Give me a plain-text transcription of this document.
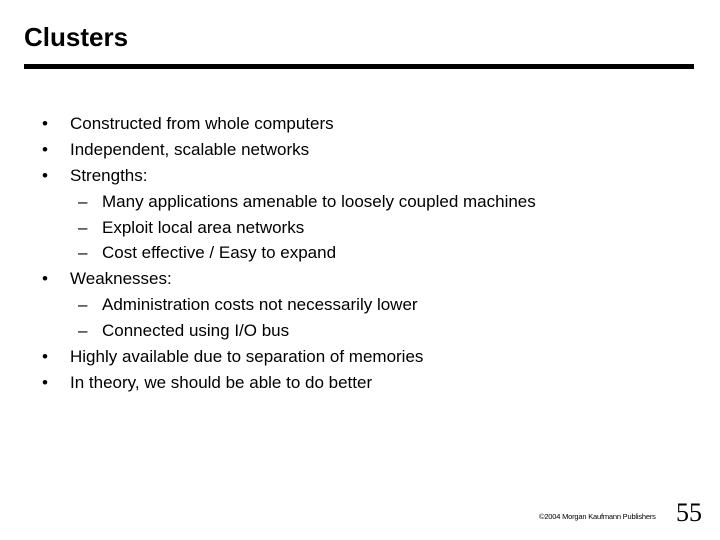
Clusters
• Constructed from whole computers
• Independent, scalable networks
• Strengths:
– Many applications amenable to loosely coupled machines
– Exploit local area networks
– Cost effective / Easy to expand
• Weaknesses:
– Administration costs not necessarily lower
– Connected using I/O bus
• Highly available due to separation of memories
• In theory, we should be able to do better
©2004 Morgan Kaufmann Publishers 55
